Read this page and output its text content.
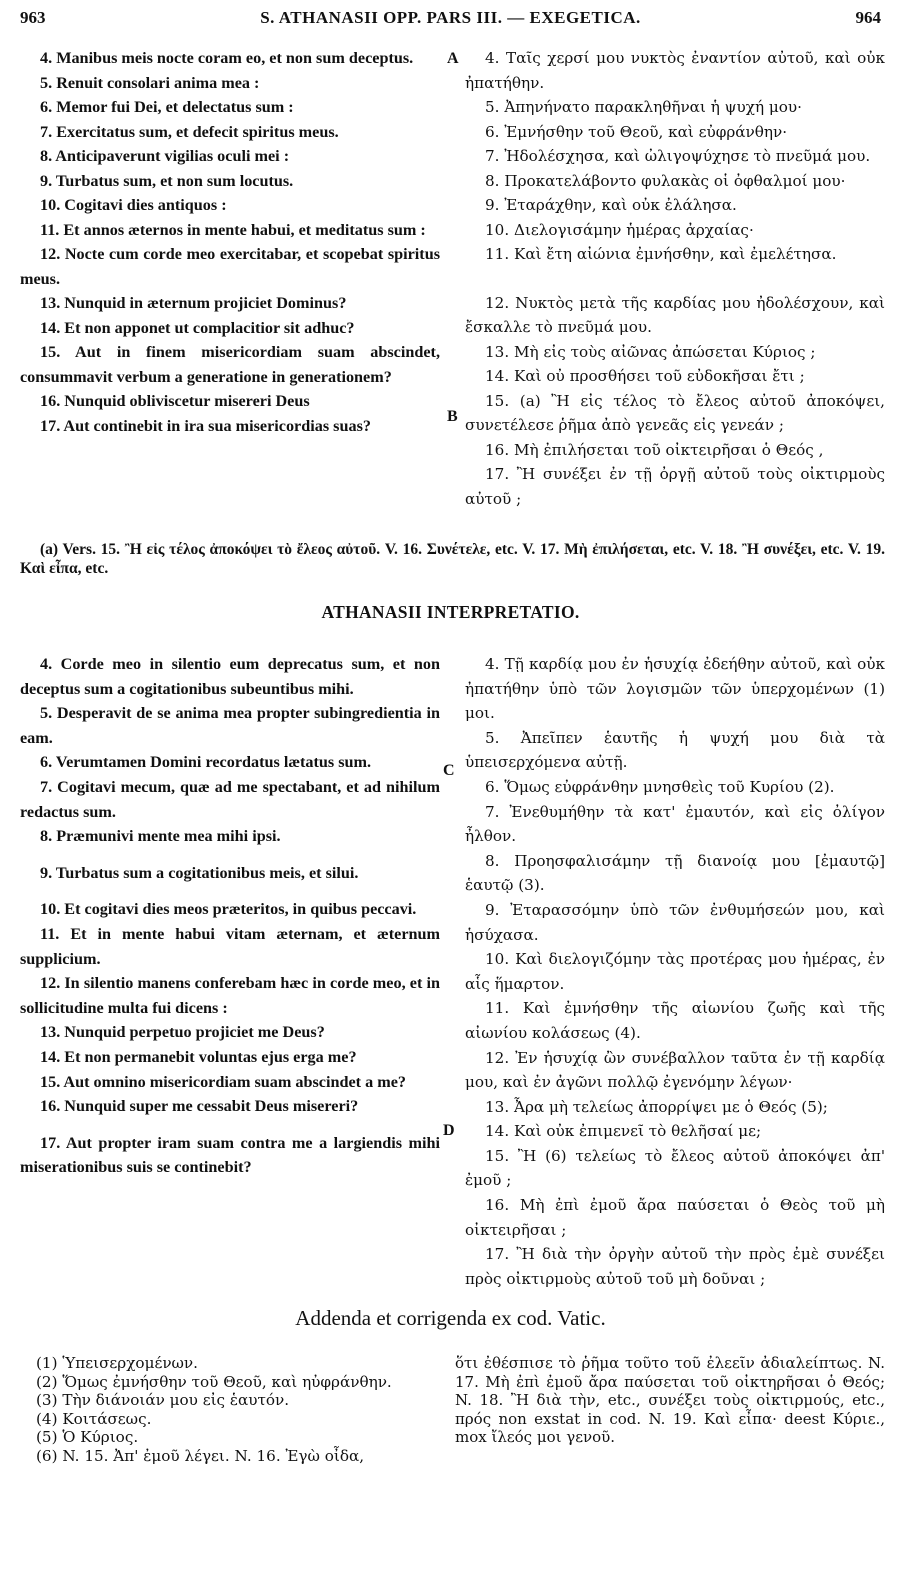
963	S. ATHANASII OPP. PARS III. — EXEGETICA.	964

4. Manibus meis nocte coram eo, et non sum deceptus.

5. Renuit consolari anima mea :

6. Memor fui Dei, et delectatus sum :

7. Exercitatus sum, et defecit spiritus meus.

8. Anticipaverunt vigilias oculi mei :

9. Turbatus sum, et non sum locutus.

10. Cogitavi dies antiquos :

11. Et annos æternos in mente habui, et meditatus sum :

12. Nocte cum corde meo exercitabar, et scopebat spiritus meus.

13. Nunquid in æternum projiciet Dominus?

14. Et non apponet ut complacitior sit adhuc?

15. Aut in finem misericordiam suam abscindet, consummavit verbum a generatione in generationem?

16. Nunquid obliviscetur misereri Deus

17. Aut continebit in ira sua misericordias suas?

4. Ταῖς χερσί μου νυκτὸς ἐναντίον αὐτοῦ, καὶ οὐκ ἠπατήθην.

5. Ἀπηνήνατο παρακληθῆναι ἡ ψυχή μου·

6. Ἐμνήσθην τοῦ Θεοῦ, καὶ εὐφράνθην·

7. Ἠδολέσχησα, καὶ ὠλιγοψύχησε τὸ πνεῦμά μου.

8. Προκατελάβοντο φυλακὰς οἱ ὀφθαλμοί μου·

9. Ἐταράχθην, καὶ οὐκ ἐλάλησα.

10. Διελογισάμην ἡμέρας ἀρχαίας·

11. Καὶ ἔτη αἰώνια ἐμνήσθην, καὶ ἐμελέτησα.

12. Νυκτὸς μετὰ τῆς καρδίας μου ἠδολέσχουν, καὶ ἔσκαλλε τὸ πνεῦμά μου.

13. Μὴ εἰς τοὺς αἰῶνας ἀπώσεται Κύριος ;

14. Καὶ οὐ προσθήσει τοῦ εὐδοκῆσαι ἔτι ;

15. (a) Ἢ εἰς τέλος τὸ ἔλεος αὐτοῦ ἀποκόψει, συνετέλεσε ῥῆμα ἀπὸ γενεᾶς εἰς γενεάν ;

16. Μὴ ἐπιλήσεται τοῦ οἰκτειρῆσαι ὁ Θεός ,

17. Ἢ συνέξει ἐν τῇ ὀργῇ αὐτοῦ τοὺς οἰκτιρμοὺς αὐτοῦ ;

A
B
C
D
(a) Vers. 15. Ἢ εἰς τέλος ἀποκόψει τὸ ἔλεος αὐτοῦ. V. 16. Συνέτελε, etc. V. 17. Μὴ ἐπιλήσεται, etc. V. 18. Ἢ συνέξει, etc. V. 19. Καὶ εἶπα, etc.
ATHANASII INTERPRETATIO.

4. Corde meo in silentio eum deprecatus sum, et non deceptus sum a cogitationibus subeuntibus mihi.

5. Desperavit de se anima mea propter subingredientia in eam.

6. Verumtamen Domini recordatus lætatus sum.

7. Cogitavi mecum, quæ ad me spectabant, et ad nihilum redactus sum.

8. Præmunivi mente mea mihi ipsi.

9. Turbatus sum a cogitationibus meis, et silui.

10. Et cogitavi dies meos præteritos, in quibus peccavi.

11. Et in mente habui vitam æternam, et æternum supplicium.

12. In silentio manens conferebam hæc in corde meo, et in sollicitudine multa fui dicens :

13. Nunquid perpetuo projiciet me Deus?

14. Et non permanebit voluntas ejus erga me?

15. Aut omnino misericordiam suam abscindet a me?

16. Nunquid super me cessabit Deus misereri?

17. Aut propter iram suam contra me a largiendis mihi miserationibus suis se continebit?

4. Τῇ καρδίᾳ μου ἐν ἡσυχίᾳ ἐδεήθην αὐτοῦ, καὶ οὐκ ἠπατήθην ὑπὸ τῶν λογισμῶν τῶν ὑπερχομένων (1) μοι.

5. Ἀπεῖπεν ἑαυτῆς ἡ ψυχή μου διὰ τὰ ὑπεισερχόμενα αὐτῇ.

6. Ὅμως εὐφράνθην μνησθεὶς τοῦ Κυρίου (2).

7. Ἐνεθυμήθην τὰ κατ' ἐμαυτόν, καὶ εἰς ὀλίγον ἦλθον.

8. Προησφαλισάμην τῇ διανοίᾳ μου [ἐμαυτῷ] ἑαυτῷ (3).

9. Ἐταρασσόμην ὑπὸ τῶν ἐνθυμήσεών μου, καὶ ἡσύχασα.

10. Καὶ διελογιζόμην τὰς προτέρας μου ἡμέρας, ἐν αἷς ἥμαρτον.

11. Καὶ ἐμνήσθην τῆς αἰωνίου ζωῆς καὶ τῆς αἰωνίου κολάσεως (4).

12. Ἐν ἡσυχίᾳ ὢν συνέβαλλον ταῦτα ἐν τῇ καρδίᾳ μου, καὶ ἐν ἀγῶνι πολλῷ ἐγενόμην λέγων·

13. Ἆρα μὴ τελείως ἀπορρίψει με ὁ Θεός (5);

14. Καὶ οὐκ ἐπιμενεῖ τὸ θελῆσαί με;

15. Ἢ (6) τελείως τὸ ἔλεος αὐτοῦ ἀποκόψει ἀπ' ἐμοῦ ;

16. Μὴ ἐπὶ ἐμοῦ ἄρα παύσεται ὁ Θεὸς τοῦ μὴ οἰκτειρῆσαι ;

17. Ἢ διὰ τὴν ὀργὴν αὐτοῦ τὴν πρὸς ἐμὲ συνέξει πρὸς οἰκτιρμοὺς αὐτοῦ τοῦ μὴ δοῦναι ;

Addenda et corrigenda ex cod. Vatic.
(1) Ὑπεισερχομένων.
(2) Ὅμως ἐμνήσθην τοῦ Θεοῦ, καὶ ηὐφράνθην.
(3) Τὴν διάνοιάν μου εἰς ἑαυτόν.
(4) Κοιτάσεως.
(5) Ὁ Κύριος.
(6) N. 15. Ἀπ' ἐμοῦ λέγει. N. 16. Ἐγὼ οἶδα,
ὅτι ἐθέσπισε τὸ ῥῆμα τοῦτο τοῦ ἐλεεῖν ἀδιαλείπτως. N. 17. Μὴ ἐπὶ ἐμοῦ ἄρα παύσεται τοῦ οἰκτηρῆσαι ὁ Θεός; N. 18. Ἢ διὰ τὴν, etc., συνέξει τοὺς οἰκτιρμούς, etc., πρός non exstat in cod. N. 19. Καὶ εἶπα· deest Κύριε., mox ἴλεός μοι γενοῦ.
